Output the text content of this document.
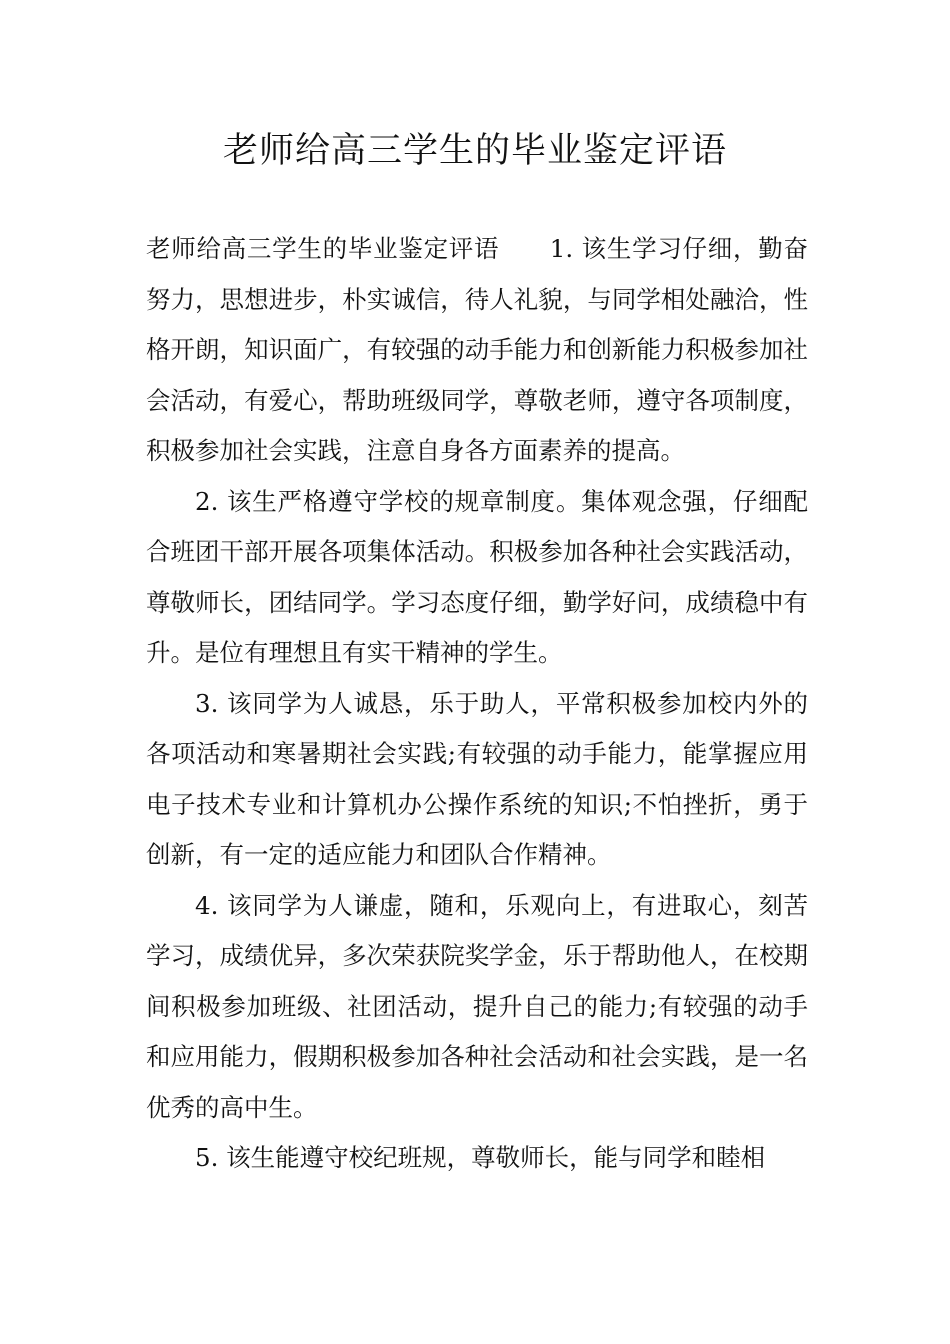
老师给高三学生的毕业鉴定评语

老师给高三学生的毕业鉴定评语　　1. 该生学习仔细，勤奋努力，思想进步，朴实诚信，待人礼貌，与同学相处融洽，性格开朗，知识面广，有较强的动手能力和创新能力积极参加社会活动，有爱心，帮助班级同学，尊敬老师，遵守各项制度，积极参加社会实践，注意自身各方面素养的提高。

2. 该生严格遵守学校的规章制度。集体观念强，仔细配合班团干部开展各项集体活动。积极参加各种社会实践活动，尊敬师长，团结同学。学习态度仔细，勤学好问，成绩稳中有升。是位有理想且有实干精神的学生。

3. 该同学为人诚恳，乐于助人，平常积极参加校内外的各项活动和寒暑期社会实践;有较强的动手能力，能掌握应用电子技术专业和计算机办公操作系统的知识;不怕挫折，勇于创新，有一定的适应能力和团队合作精神。

4. 该同学为人谦虚，随和，乐观向上，有进取心，刻苦学习，成绩优异，多次荣获院奖学金，乐于帮助他人，在校期间积极参加班级、社团活动，提升自己的能力;有较强的动手和应用能力，假期积极参加各种社会活动和社会实践，是一名优秀的高中生。

5. 该生能遵守校纪班规，尊敬师长，能与同学和睦相
